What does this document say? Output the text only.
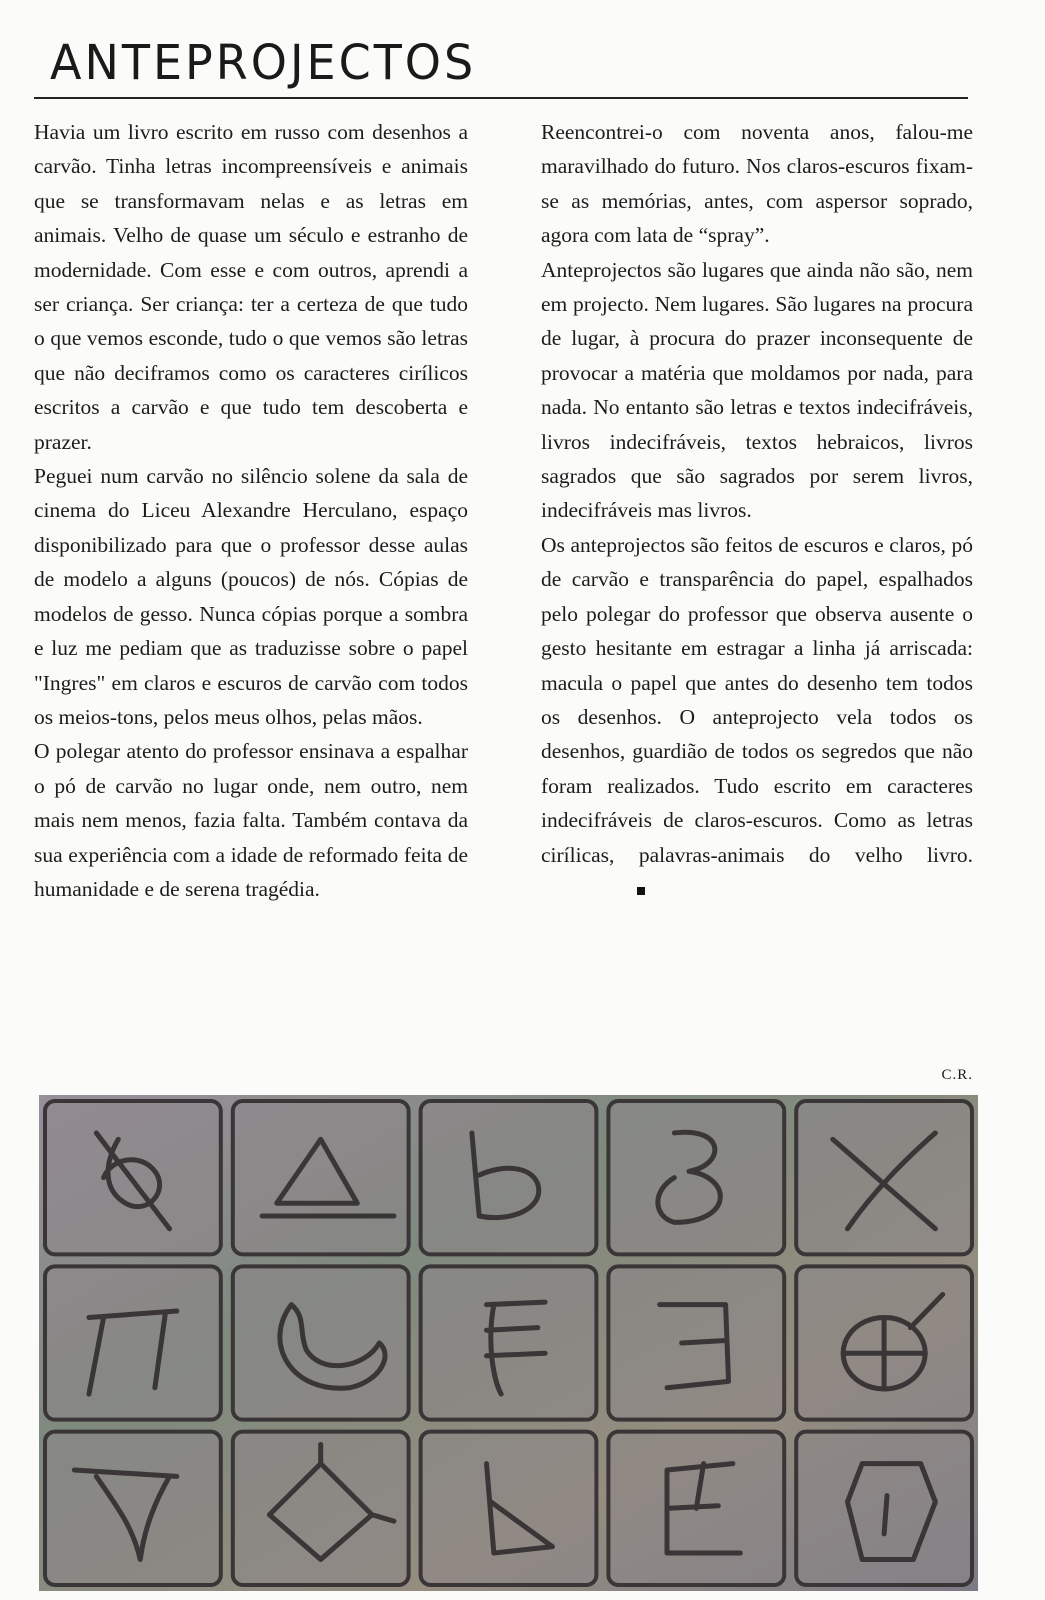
ANTEPROJECTOS

Havia um livro escrito em russo com desenhos a carvão. Tinha letras incompreensíveis e animais que se transformavam nelas e as letras em animais. Velho de quase um século e estranho de modernidade. Com esse e com outros, aprendi a ser criança. Ser criança: ter a certeza de que tudo o que vemos esconde, tudo o que vemos são letras que não deciframos como os caracteres cirílicos escritos a carvão e que tudo tem descoberta e prazer.

Peguei num carvão no silêncio solene da sala de cinema do Liceu Alexandre Herculano, espaço disponibilizado para que o professor desse aulas de modelo a alguns (poucos) de nós. Cópias de modelos de gesso. Nunca cópias porque a sombra e luz me pediam que as traduzisse sobre o papel "Ingres" em claros e escuros de carvão com todos os meios-tons, pelos meus olhos, pelas mãos.

O polegar atento do professor ensinava a espalhar o pó de carvão no lugar onde, nem outro, nem mais nem menos, fazia falta. Também contava da sua experiência com a idade de reformado feita de humanidade e de serena tragédia.

Reencontrei-o com noventa anos, falou-me maravilhado do futuro. Nos claros-escuros fixam-se as memórias, antes, com aspersor soprado, agora com lata de “spray”.

Anteprojectos são lugares que ainda não são, nem em projecto. Nem lugares. São lugares na procura de lugar, à procura do prazer inconsequente de provocar a matéria que moldamos por nada, para nada. No entanto são letras e textos indecifráveis, livros indecifráveis, textos hebraicos, livros sagrados que são sagrados por serem livros, indecifráveis mas livros.

Os anteprojectos são feitos de escuros e claros, pó de carvão e transparência do papel, espalhados pelo polegar do professor que observa ausente o gesto hesitante em estragar a linha já arriscada: macula o papel que antes do desenho tem todos os desenhos. O anteprojecto vela todos os desenhos, guardião de todos os segredos que não foram realizados. Tudo escrito em caracteres indecifráveis de claros-escuros. Como as letras cirílicas, palavras-animais do velho livro.

C.R.
